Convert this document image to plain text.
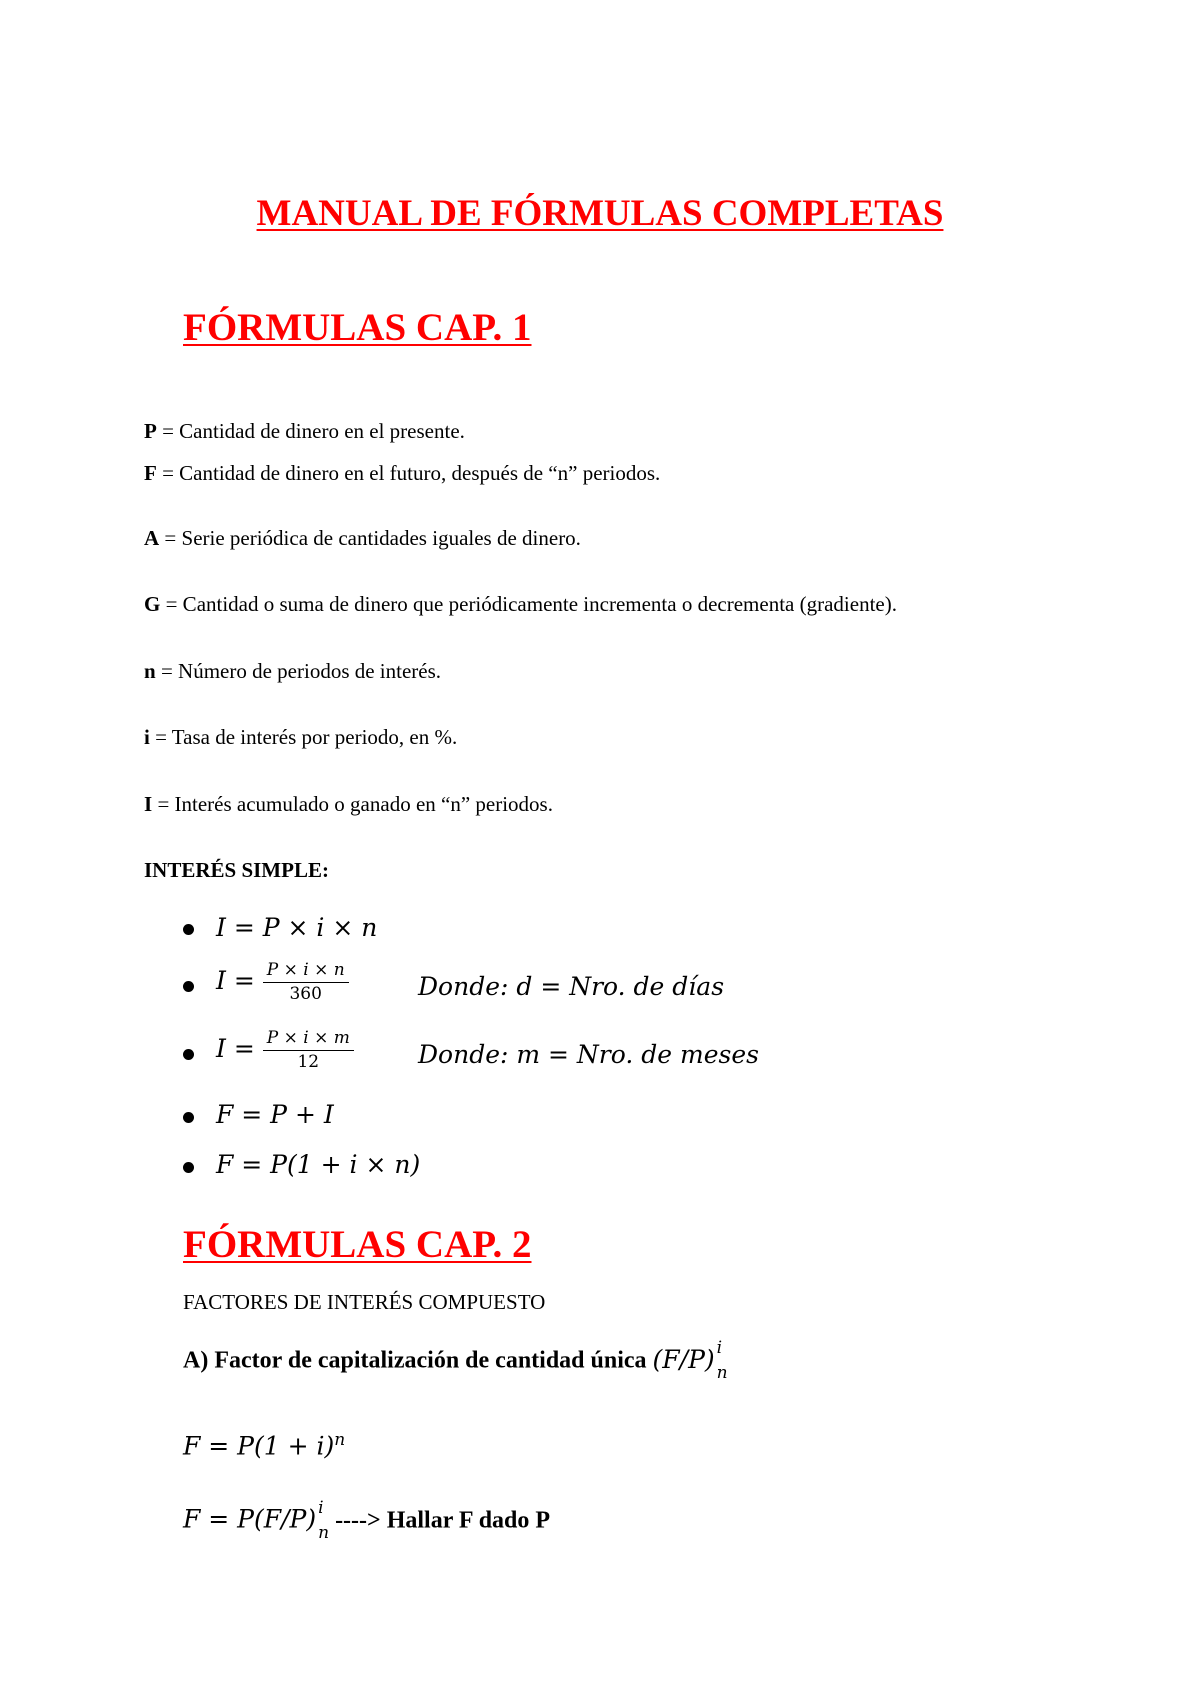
MANUAL DE FÓRMULAS COMPLETAS
FÓRMULAS CAP. 1
P = Cantidad de dinero en el presente.
F = Cantidad de dinero en el futuro, después de “n” periodos.
A = Serie periódica de cantidades iguales de dinero.
G = Cantidad o suma de dinero que periódicamente incrementa o decrementa (gradiente).
n = Número de periodos de interés.
i = Tasa de interés por periodo, en %.
I = Interés acumulado o ganado en “n” periodos.
INTERÉS SIMPLE:
I = P × i × n
$I = \frac{P \times i \times n}{360}$	Donde: d = Nro. de días
$I = \frac{P \times i \times m}{12}$	Donde: m = Nro. de meses
F = P + I
F = P(1 + i × n)
FÓRMULAS CAP. 2
FACTORES DE INTERÉS COMPUESTO
A) Factor de capitalización de cantidad única (F/P) i
n
$F = P(1 + i)^n$
F = P(F/P) i
n ----> Hallar F dado P
